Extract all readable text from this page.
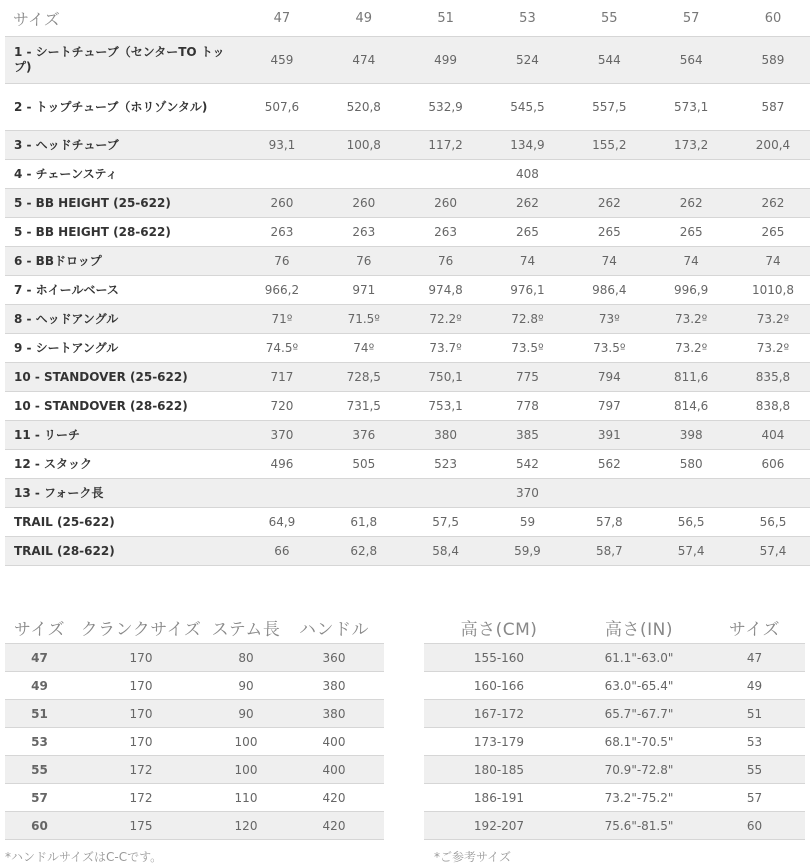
サイズ	47	49	51	53	55	57	60
1 - シートチューブ（センターTO トップ)	459	474	499	524	544	564	589
2 - トップチューブ（ホリゾンタル)	507,6	520,8	532,9	545,5	557,5	573,1	587
3 - ヘッドチューブ	93,1	100,8	117,2	134,9	155,2	173,2	200,4
4 - チェーンスティ	408						
5 - BB HEIGHT (25-622)	260	260	260	262	262	262	262
5 - BB HEIGHT (28-622)	263	263	263	265	265	265	265
6 - BBドロップ	76	76	76	74	74	74	74
7 - ホイールベース	966,2	971	974,8	976,1	986,4	996,9	1010,8
8 - ヘッドアングル	71º	71.5º	72.2º	72.8º	73º	73.2º	73.2º
9 - シートアングル	74.5º	74º	73.7º	73.5º	73.5º	73.2º	73.2º
10 - STANDOVER (25-622)	717	728,5	750,1	775	794	811,6	835,8
10 - STANDOVER (28-622)	720	731,5	753,1	778	797	814,6	838,8
11 - リーチ	370	376	380	385	391	398	404
12 - スタック	496	505	523	542	562	580	606
13 - フォーク長	370						
TRAIL (25-622)	64,9	61,8	57,5	59	57,8	56,5	56,5
TRAIL (28-622)	66	62,8	58,4	59,9	58,7	57,4	57,4
サイズ	クランクサイズ	ステム長	ハンドル
47	170	80	360
49	170	90	380
51	170	90	380
53	170	100	400
55	172	100	400
57	172	110	420
60	175	120	420
高さ(CM)	高さ(IN)	サイズ
155-160	61.1"-63.0"	47
160-166	63.0"-65.4"	49
167-172	65.7"-67.7"	51
173-179	68.1"-70.5"	53
180-185	70.9"-72.8"	55
186-191	73.2"-75.2"	57
192-207	75.6"-81.5"	60
*ハンドルサイズはC-Cです。	*ご参考サイズ
